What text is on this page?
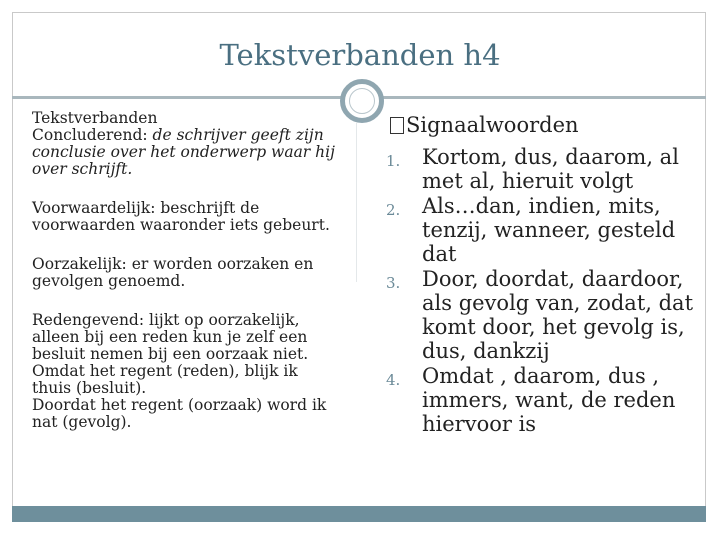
Tekstverbanden h4

Tekstverbanden

Concluderend: de schrijver geeft zijn conclusie over het onderwerp waar hij over schrijft.

Voorwaardelijk: beschrijft de voorwaarden waaronder iets gebeurt.

Oorzakelijk: er worden oorzaken en gevolgen genoemd.

Redengevend: lijkt op oorzakelijk, alleen bij een reden kun je zelf een besluit nemen bij een oorzaak niet.

Omdat het regent (reden), blijk ik thuis (besluit).

Doordat het regent (oorzaak) word ik nat (gevolg).

Signaalwoorden

1. Kortom, dus, daarom, al met al, hieruit volgt
2. Als…dan, indien, mits, tenzij, wanneer, gesteld dat
3. Door, doordat, daardoor, als gevolg van, zodat, dat komt door, het gevolg is, dus, dankzij
4. Omdat , daarom, dus , immers, want, de reden hiervoor is
